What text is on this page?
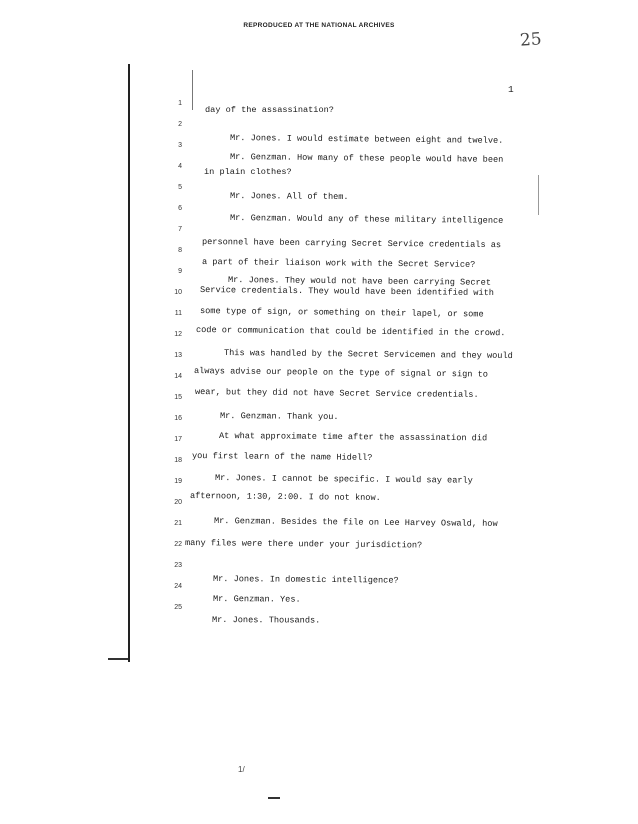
REPRODUCED AT THE NATIONAL ARCHIVES
25
1
1
2
3
4
5
6
7
8
9
10
11
12
13
14
15
16
17
18
19
20
21
22
23
24
25
day of the assassination?
Mr. Jones. I would estimate between eight and twelve.
Mr. Genzman. How many of these people would have been
in plain clothes?
Mr. Jones. All of them.
Mr. Genzman. Would any of these military intelligence
personnel have been carrying Secret Service credentials as
a part of their liaison work with the Secret Service?
Mr. Jones. They would not have been carrying Secret
Service credentials. They would have been identified with
some type of sign, or something on their lapel, or some
code or communication that could be identified in the crowd.
This was handled by the Secret Servicemen and they would
always advise our people on the type of signal or sign to
wear, but they did not have Secret Service credentials.
Mr. Genzman. Thank you.
At what approximate time after the assassination did
you first learn of the name Hidell?
Mr. Jones. I cannot be specific. I would say early
afternoon, 1:30, 2:00. I do not know.
Mr. Genzman. Besides the file on Lee Harvey Oswald, how
many files were there under your jurisdiction?
Mr. Jones. In domestic intelligence?
Mr. Genzman. Yes.
Mr. Jones. Thousands.
1/
